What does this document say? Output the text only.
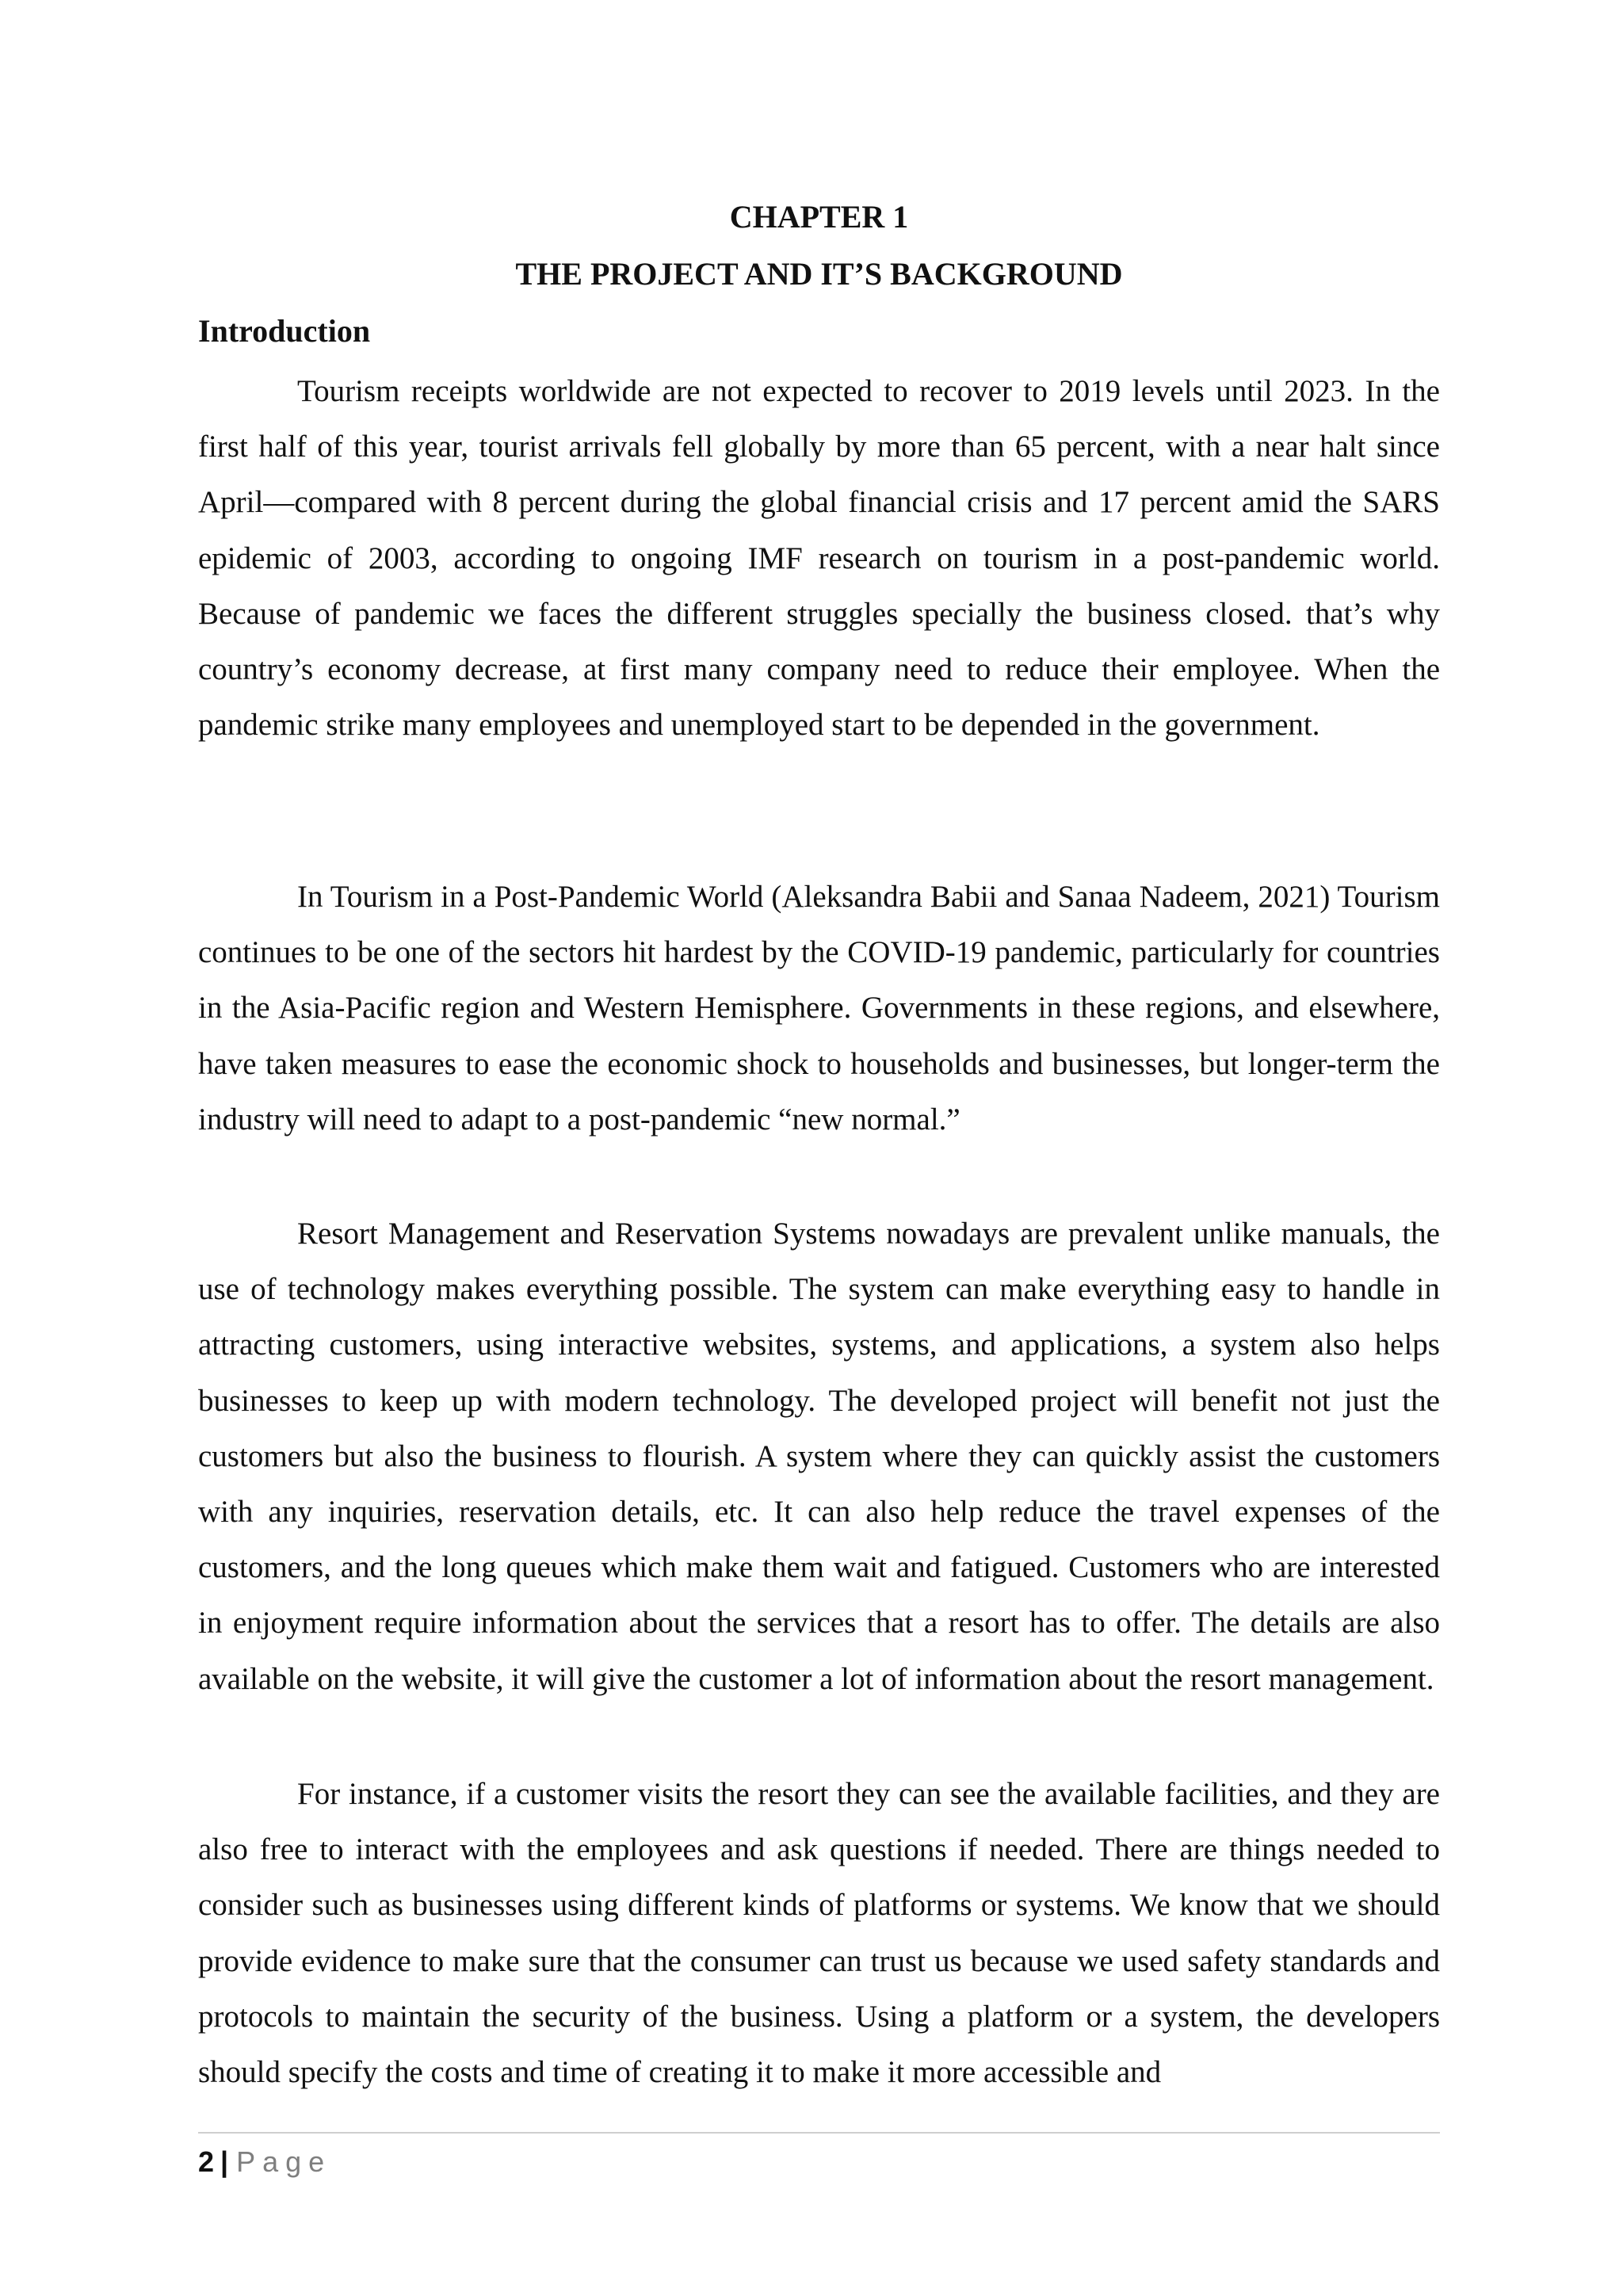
CHAPTER 1
THE PROJECT AND IT’S BACKGROUND
Introduction

Tourism receipts worldwide are not expected to recover to 2019 levels until 2023. In the first half of this year, tourist arrivals fell globally by more than 65 percent, with a near halt since April—compared with 8 percent during the global financial crisis and 17 percent amid the SARS epidemic of 2003, according to ongoing IMF research on tourism in a post-pandemic world. Because of pandemic we faces the different struggles specially the business closed. that’s why country’s economy decrease, at first many company need to reduce their employee. When the pandemic strike many employees and unemployed start to be depended in the government.

In Tourism in a Post-Pandemic World (Aleksandra Babii and Sanaa Nadeem, 2021) Tourism continues to be one of the sectors hit hardest by the COVID-19 pandemic, particularly for countries in the Asia-Pacific region and Western Hemisphere. Governments in these regions, and elsewhere, have taken measures to ease the economic shock to households and businesses, but longer-term the industry will need to adapt to a post-pandemic “new normal.”

Resort Management and Reservation Systems nowadays are prevalent unlike manuals, the use of technology makes everything possible. The system can make everything easy to handle in attracting customers, using interactive websites, systems, and applications, a system also helps businesses to keep up with modern technology. The developed project will benefit not just the customers but also the business to flourish. A system where they can quickly assist the customers with any inquiries, reservation details, etc. It can also help reduce the travel expenses of the customers, and the long queues which make them wait and fatigued. Customers who are interested in enjoyment require information about the services that a resort has to offer. The details are also available on the website, it will give the customer a lot of information about the resort management.

For instance, if a customer visits the resort they can see the available facilities, and they are also free to interact with the employees and ask questions if needed. There are things needed to consider such as businesses using different kinds of platforms or systems. We know that we should provide evidence to make sure that the consumer can trust us because we used safety standards and protocols to maintain the security of the business. Using a platform or a system, the developers should specify the costs and time of creating it to make it more accessible and

2 | Page
